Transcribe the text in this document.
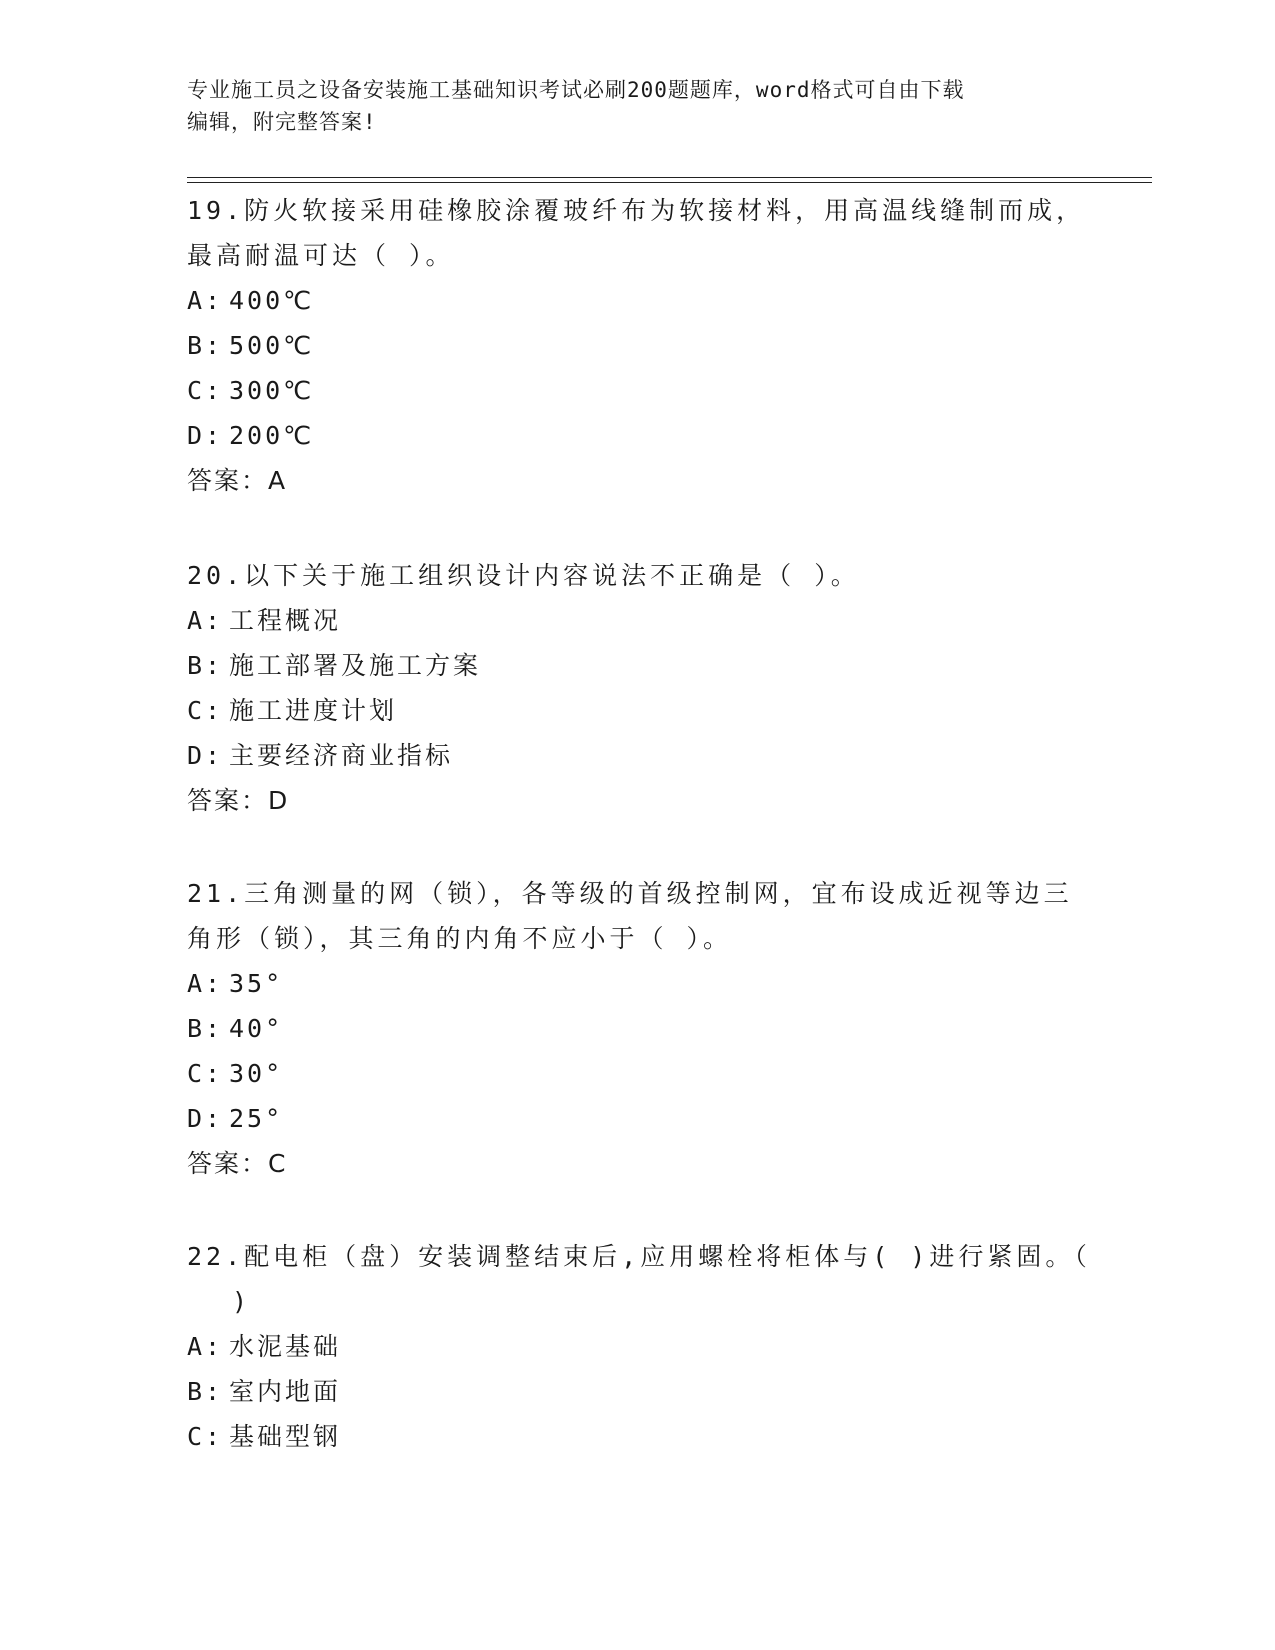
专业施工员之设备安装施工基础知识考试必刷200题题库，word格式可自由下载
编辑，附完整答案!
19.防火软接采用硅橡胶涂覆玻纤布为软接材料，用高温线缝制而成，
最高耐温可达（ ）。
A: 400℃
B: 500℃
C: 300℃
D: 200℃
答案：A
20.以下关于施工组织设计内容说法不正确是（ ）。
A: 工程概况
B: 施工部署及施工方案
C: 施工进度计划
D: 主要经济商业指标
答案：D
21.三角测量的网（锁），各等级的首级控制网，宜布设成近视等边三
角形（锁），其三角的内角不应小于（ ）。
A: 35°
B: 40°
C: 30°
D: 25°
答案：C
22.配电柜（盘）安装调整结束后,应用螺栓将柜体与( )进行紧固。（
)
A: 水泥基础
B: 室内地面
C: 基础型钢
